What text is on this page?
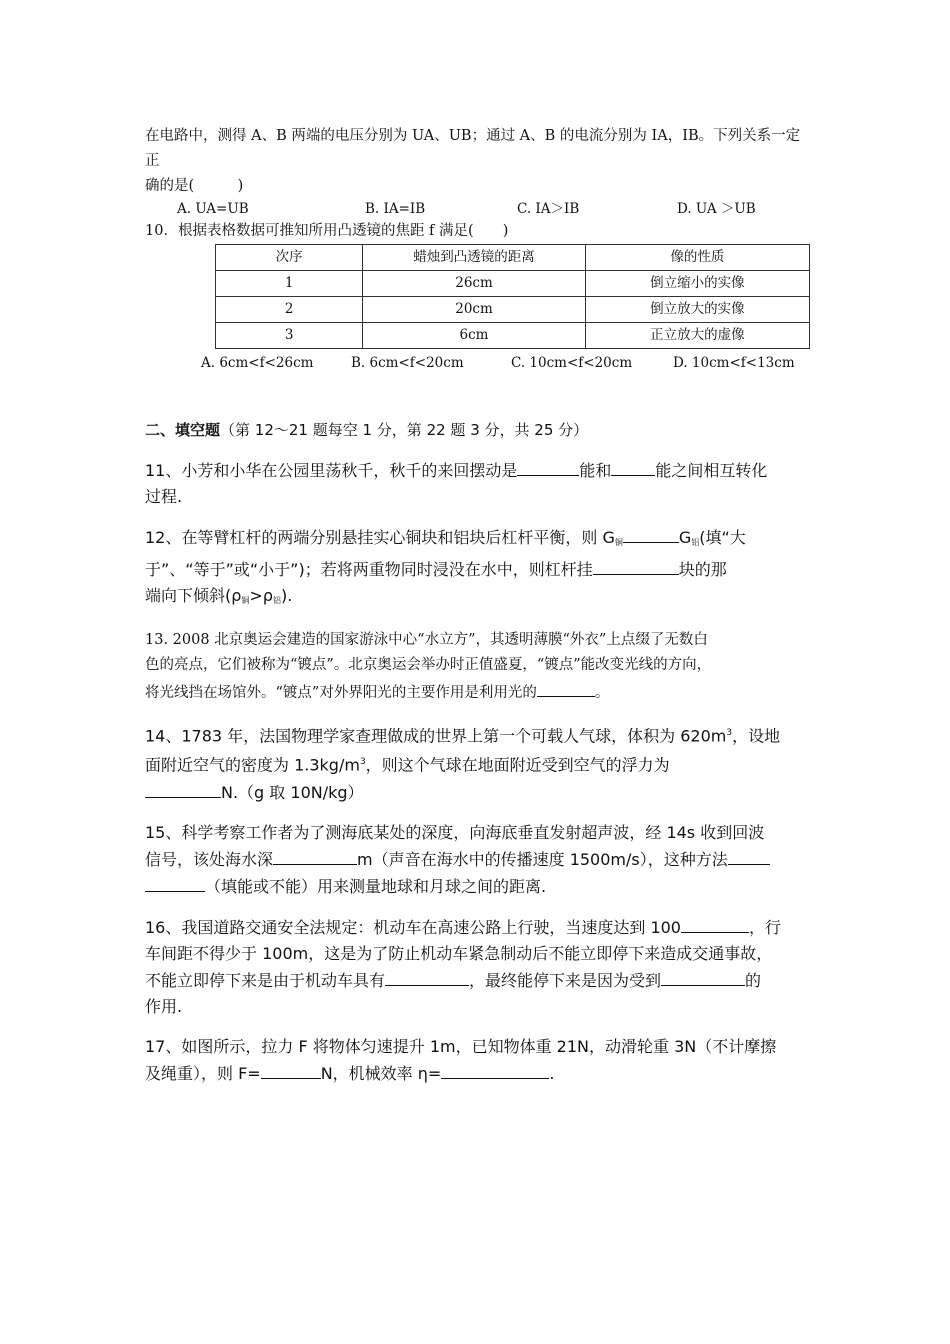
在电路中，测得 A、B 两端的电压分别为 UA、UB；通过 A、B 的电流分别为 IA，IB。下列关系一定正

确的是(　　　)

A. UA=UB	B. IA=IB	C. IA＞IB	D. UA ＞UB

10．根据表格数据可推知所用凸透镜的焦距 f 满足(　　)

次序	蜡烛到凸透镜的距离	像的性质
1	26cm	倒立缩小的实像
2	20cm	倒立放大的实像
3	6cm	正立放大的虚像
A. 6cm<f<26cm	B. 6cm<f<20cm	C. 10cm<f<20cm	D. 10cm<f<13cm

二、填空题（第 12～21 题每空 1 分，第 22 题 3 分，共 25 分）

11、小芳和小华在公园里荡秋千，秋千的来回摆动是	能和	能之间相互转化

过程.

12、在等臂杠杆的两端分别悬挂实心铜块和铝块后杠杆平衡，则 $G_铜$	$G_铝$(填“大

于”、“等于”或“小于”)；若将两重物同时浸没在水中，则杠杆挂	块的那

端向下倾斜$(\rho_铜>\rho_铝)$.

13. 2008 北京奥运会建造的国家游泳中心“水立方”，其透明薄膜“外衣”上点缀了无数白

色的亮点，它们被称为“镀点”。北京奥运会举办时正值盛夏，“镀点”能改变光线的方向，

将光线挡在场馆外。“镀点”对外界阳光的主要作用是利用光的	。

14、1783 年，法国物理学家查理做成的世界上第一个可载人气球，体积为 $620m^3$，设地

面附近空气的密度为 $1.3kg/m^3$，则这个气球在地面附近受到空气的浮力为

N.（g 取 10N/kg）

15、科学考察工作者为了测海底某处的深度，向海底垂直发射超声波，经 14s 收到回波

信号，该处海水深	m（声音在海水中的传播速度 1500m/s），这种方法

（填能或不能）用来测量地球和月球之间的距离.

16、我国道路交通安全法规定：机动车在高速公路上行驶，当速度达到 100	，行

车间距不得少于 100m，这是为了防止机动车紧急制动后不能立即停下来造成交通事故，

不能立即停下来是由于机动车具有	，最终能停下来是因为受到	的

作用.

17、如图所示，拉力 F 将物体匀速提升 1m，已知物体重 21N，动滑轮重 3N（不计摩擦

及绳重），则 F=	N，机械效率 η=	.
